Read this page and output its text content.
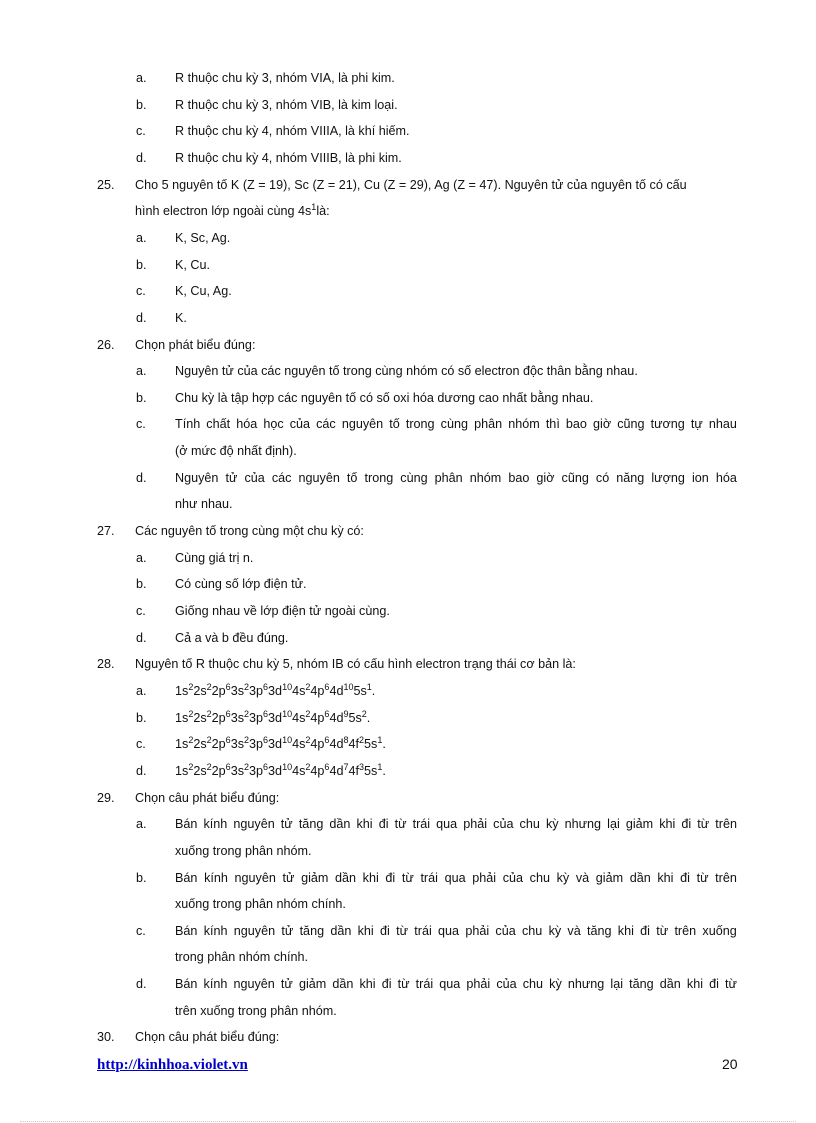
a. R thuộc chu kỳ 3, nhóm VIA, là phi kim.
b. R thuộc chu kỳ 3, nhóm VIB, là kim loại.
c. R thuộc chu kỳ 4, nhóm VIIIA, là khí hiếm.
d. R thuộc chu kỳ 4, nhóm VIIIB, là phi kim.
25. Cho 5 nguyên tố K (Z = 19), Sc (Z = 21), Cu (Z = 29), Ag (Z = 47). Nguyên tử của nguyên tố có cấu
hình electron lớp ngoài cùng $4s^1là$:
a. K, Sc, Ag.
b. K, Cu.
c. K, Cu, Ag.
d. K.
26. Chọn phát biểu đúng:
a. Nguyên tử của các nguyên tố trong cùng nhóm có số electron độc thân bằng nhau.
b. Chu kỳ là tập hợp các nguyên tố có số oxi hóa dương cao nhất bằng nhau.
c. Tính chất hóa học của các nguyên tố trong cùng phân nhóm thì bao giờ cũng tương tự nhau
(ở mức độ nhất định).
d. Nguyên tử của các nguyên tố trong cùng phân nhóm bao giờ cũng có năng lượng ion hóa
như nhau.
27. Các nguyên tố trong cùng một chu kỳ có:
a. Cùng giá trị n.
b. Có cùng số lớp điện tử.
c. Giống nhau về lớp điện tử ngoài cùng.
d. Cả a và b đều đúng.
28. Nguyên tố R thuộc chu kỳ 5, nhóm IB có cấu hình electron trạng thái cơ bản là:
a. $1s^22s^22p^63s^23p^63d^{10}4s^24p^64d^{10}5s^1$.
b. $1s^22s^22p^63s^23p^63d^{10}4s^24p^64d^95s^2$.
c. $1s^22s^22p^63s^23p^63d^{10}4s^24p^64d^84f^25s^1$.
d. $1s^22s^22p^63s^23p^63d^{10}4s^24p^64d^74f^35s^1$.
29. Chọn câu phát biểu đúng:
a. Bán kính nguyên tử tăng dần khi đi từ trái qua phải của chu kỳ nhưng lại giảm khi đi từ trên
xuống trong phân nhóm.
b. Bán kính nguyên tử giảm dần khi đi từ trái qua phải của chu kỳ và giảm dần khi đi từ trên
xuống trong phân nhóm chính.
c. Bán kính nguyên tử tăng dần khi đi từ trái qua phải của chu kỳ và tăng khi đi từ trên xuống
trong phân nhóm chính.
d. Bán kính nguyên tử giảm dần khi đi từ trái qua phải của chu kỳ nhưng lại tăng dần khi đi từ
trên xuống trong phân nhóm.
30. Chọn câu phát biểu đúng:
http://kinhhoa.violet.vn	20
